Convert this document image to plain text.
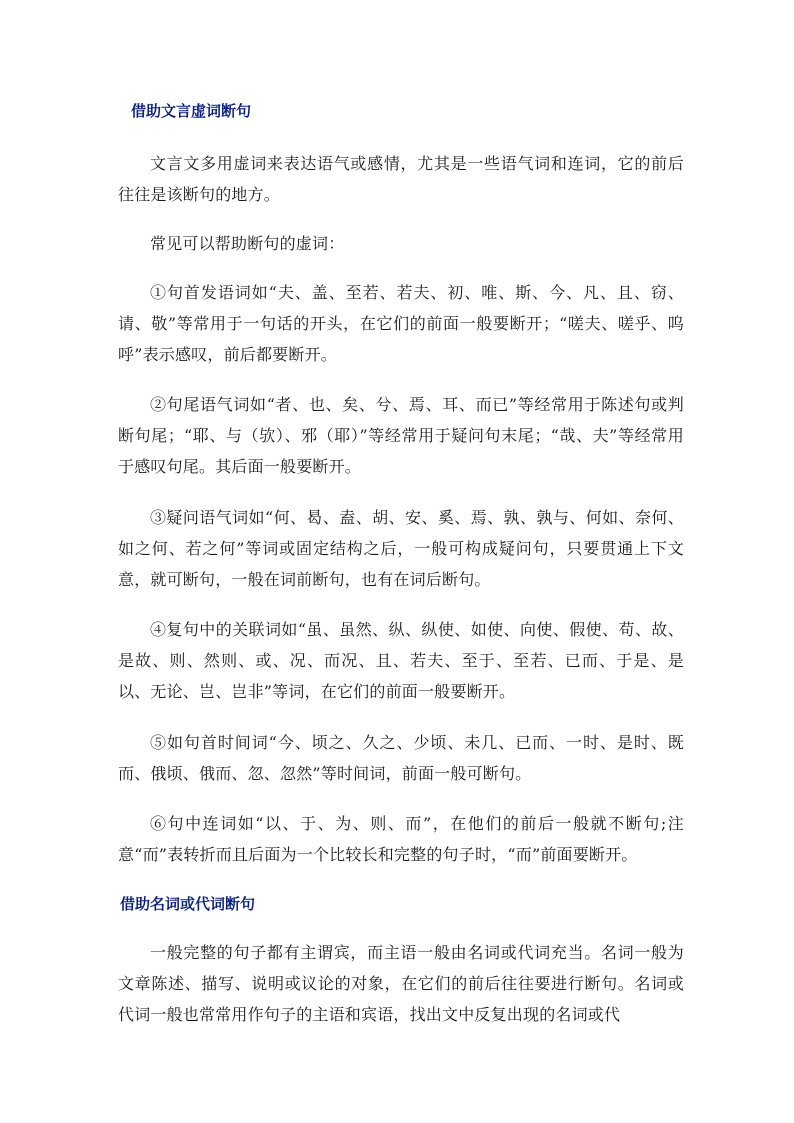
借助文言虚词断句

文言文多用虚词来表达语气或感情，尤其是一些语气词和连词，它的前后往往是该断句的地方。

常见可以帮助断句的虚词：

①句首发语词如“夫、盖、至若、若夫、初、唯、斯、今、凡、且、窃、请、敬”等常用于一句话的开头，在它们的前面一般要断开；“嗟夫、嗟乎、呜呼”表示感叹，前后都要断开。

②句尾语气词如“者、也、矣、兮、焉、耳、而已”等经常用于陈述句或判断句尾；“耶、与（欤）、邪（耶）”等经常用于疑问句末尾；“哉、夫”等经常用于感叹句尾。其后面一般要断开。

③疑问语气词如“何、曷、盍、胡、安、奚、焉、孰、孰与、何如、奈何、如之何、若之何”等词或固定结构之后，一般可构成疑问句，只要贯通上下文意，就可断句，一般在词前断句，也有在词后断句。

④复句中的关联词如“虽、虽然、纵、纵使、如使、向使、假使、苟、故、是故、则、然则、或、况、而况、且、若夫、至于、至若、已而、于是、是以、无论、岂、岂非”等词，在它们的前面一般要断开。

⑤如句首时间词“今、顷之、久之、少顷、未几、已而、一时、是时、既而、俄顷、俄而、忽、忽然”等时间词，前面一般可断句。

⑥句中连词如“以、于、为、则、而”，在他们的前后一般就不断句;注意“而”表转折而且后面为一个比较长和完整的句子时，“而”前面要断开。

借助名词或代词断句

一般完整的句子都有主谓宾，而主语一般由名词或代词充当。名词一般为文章陈述、描写、说明或议论的对象，在它们的前后往往要进行断句。名词或代词一般也常常用作句子的主语和宾语，找出文中反复出现的名词或代
